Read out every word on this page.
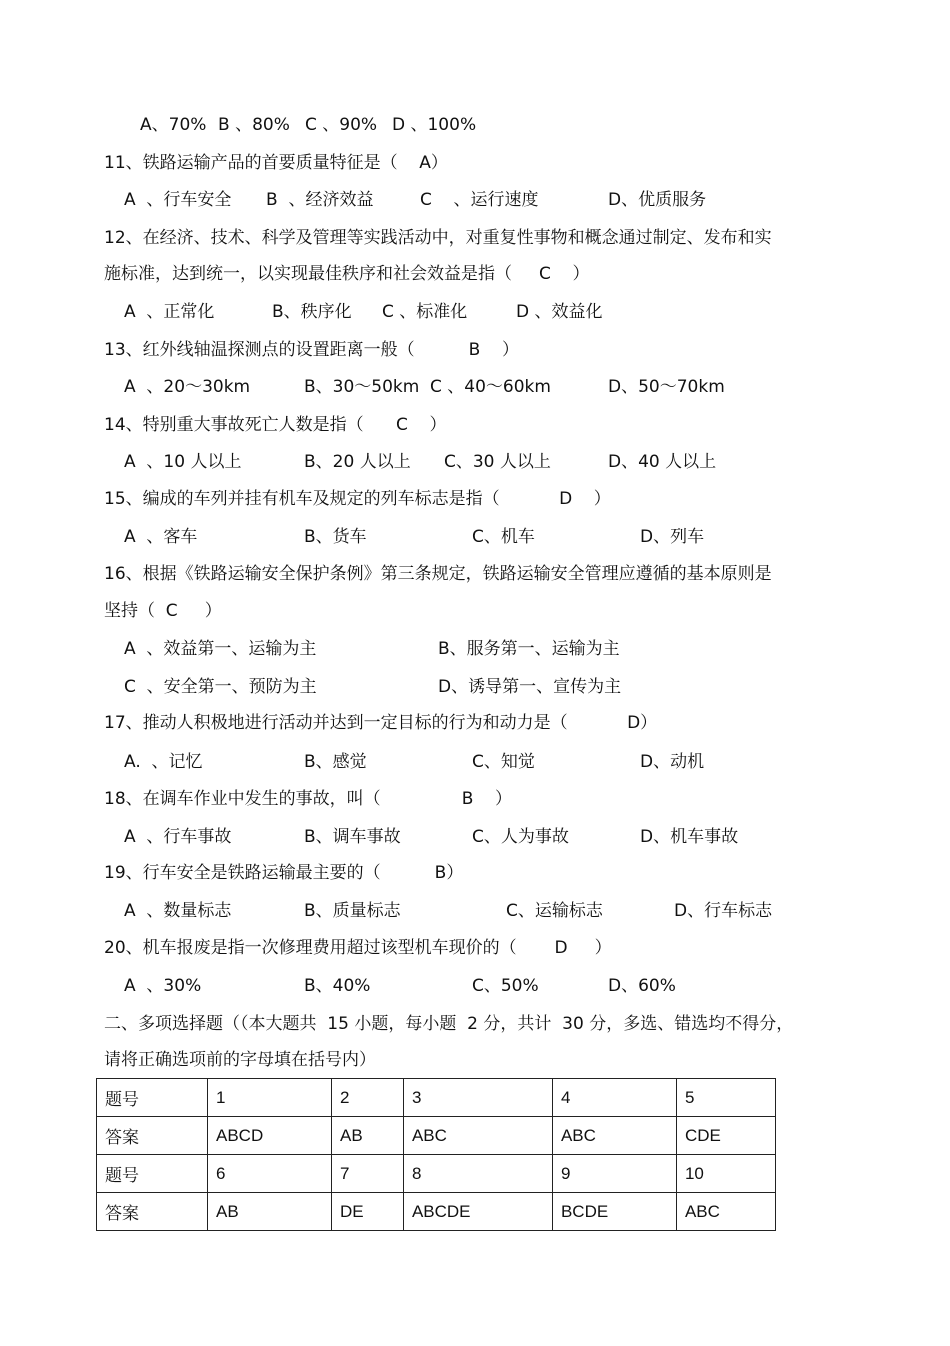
A、70% B 、80% C 、90% D 、100%
11、铁路运输产品的首要质量特征是（    A）
A  、行车安全 B  、经济效益	C    、运行速度	D、优质服务
12、在经济、技术、科学及管理等实践活动中，对重复性事物和概念通过制定、发布和实
施标准，达到统一，以实现最佳秩序和社会效益是指（     C    ）
A  、正常化	B、秩序化 C 、标准化	D 、效益化
13、红外线轴温探测点的设置距离一般（          B    ）
A  、20～30km	B、30～50km C 、40～60km	D、50～70km
14、特别重大事故死亡人数是指（      C    ）
A  、10 人以上	B、20 人以上 C、30 人以上	D、40 人以上
15、编成的车列并挂有机车及规定的列车标志是指（           D    ）
A  、客车	B、货车	C、机车	D、列车
16、根据《铁路运输安全保护条例》第三条规定，铁路运输安全管理应遵循的基本原则是
坚持（  C     ）
A  、效益第一、运输为主	B、服务第一、运输为主
C  、安全第一、预防为主	D、诱导第一、宣传为主
17、推动人积极地进行活动并达到一定目标的行为和动力是（           D）
A.  、记忆	B、感觉	C、知觉	D、动机
18、在调车作业中发生的事故，叫（               B    ）
A  、行车事故	B、调车事故	C、人为事故	D、机车事故
19、行车安全是铁路运输最主要的（          B）
A  、数量标志	B、质量标志	C、运输标志	D、行车标志
20、机车报废是指一次修理费用超过该型机车现价的（       D     ）
A  、30%	B、40%	C、50%	D、60%
二、多项选择题（（本大题共  15 小题，每小题  2 分，共计  30 分，多选、错选均不得分，
请将正确选项前的字母填在括号内）
题号	1	2	3	4	5
答案	ABCD	AB	ABC	ABC	CDE
题号	6	7	8	9	10
答案	AB	DE	ABCDE	BCDE	ABC
